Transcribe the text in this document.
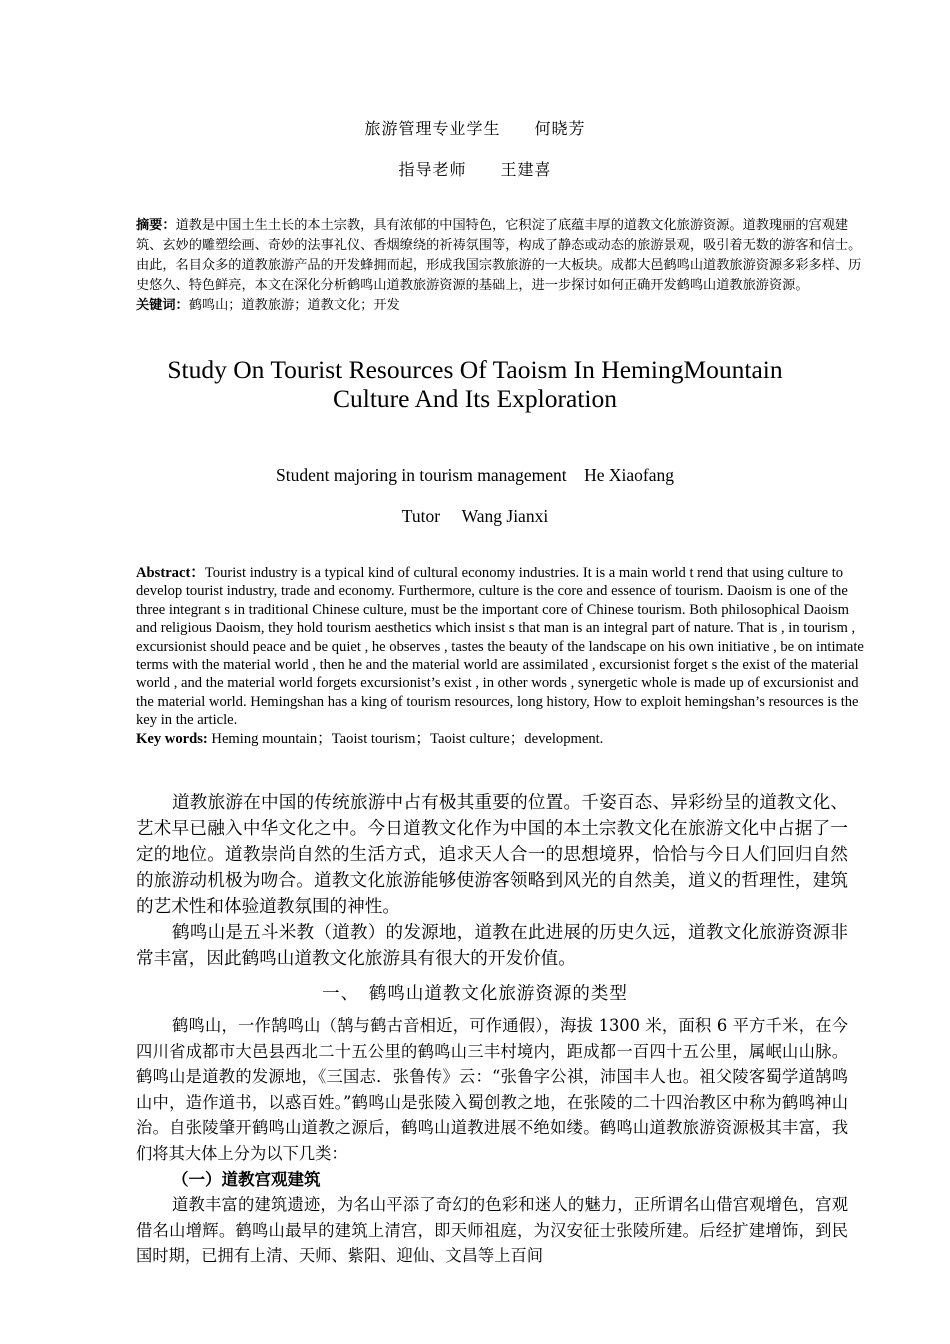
旅游管理专业学生　　何晓芳
指导老师　　王建喜
摘要：道教是中国土生土长的本土宗教，具有浓郁的中国特色，它积淀了底蕴丰厚的道教文化旅游资源。道教瑰丽的宫观建筑、玄妙的雕塑绘画、奇妙的法事礼仪、香烟缭绕的祈祷氛围等，构成了静态或动态的旅游景观，吸引着无数的游客和信士。由此，名目众多的道教旅游产品的开发蜂拥而起，形成我国宗教旅游的一大板块。成都大邑鹤鸣山道教旅游资源多彩多样、历史悠久、特色鲜亮，本文在深化分析鹤鸣山道教旅游资源的基础上，进一步探讨如何正确开发鹤鸣山道教旅游资源。
关键词：鹤鸣山；道教旅游；道教文化；开发
Study On Tourist Resources Of Taoism In HemingMountain
Culture And Its Exploration
Student majoring in tourism management　He Xiaofang
Tutor　 Wang Jianxi
Abstract：Tourist industry is a typical kind of cultural economy industries. It is a main world t rend that using culture to develop tourist industry, trade and economy. Furthermore, culture is the core and essence of tourism. Daoism is one of the three integrant s in traditional Chinese culture, must be the important core of Chinese tourism. Both philosophical Daoism and religious Daoism, they hold tourism aesthetics which insist s that man is an integral part of nature. That is , in tourism , excursionist should peace and be quiet , he observes , tastes the beauty of the landscape on his own initiative , be on intimate terms with the material world , then he and the material world are assimilated , excursionist forget s the exist of the material world , and the material world forgets excursionist’s exist , in other words , synergetic whole is made up of excursionist and the material world. Hemingshan has a king of tourism resources, long history, How to exploit hemingshan’s resources is the key in the article.
Key words: Heming mountain；Taoist tourism；Taoist culture；development.

道教旅游在中国的传统旅游中占有极其重要的位置。千姿百态、异彩纷呈的道教文化、艺术早已融入中华文化之中。今日道教文化作为中国的本土宗教文化在旅游文化中占据了一定的地位。道教崇尚自然的生活方式，追求天人合一的思想境界，恰恰与今日人们回归自然的旅游动机极为吻合。道教文化旅游能够使游客领略到风光的自然美，道义的哲理性，建筑的艺术性和体验道教氛围的神性。

鹤鸣山是五斗米教（道教）的发源地，道教在此进展的历史久远，道教文化旅游资源非常丰富，因此鹤鸣山道教文化旅游具有很大的开发价值。

一、　鹤鸣山道教文化旅游资源的类型

鹤鸣山，一作鹄鸣山（鹄与鹤古音相近，可作通假），海拔 1300 米，面积 6 平方千米，在今四川省成都市大邑县西北二十五公里的鹤鸣山三丰村境内，距成都一百四十五公里，属岷山山脉。鹤鸣山是道教的发源地，《三国志．张鲁传》云：“张鲁字公祺，沛国丰人也。祖父陵客蜀学道鹄鸣山中，造作道书，以惑百姓。”鹤鸣山是张陵入蜀创教之地，在张陵的二十四治教区中称为鹤鸣神山治。自张陵肇开鹤鸣山道教之源后，鹤鸣山道教进展不绝如缕。鹤鸣山道教旅游资源极其丰富，我们将其大体上分为以下几类：

（一）道教宫观建筑

道教丰富的建筑遗迹，为名山平添了奇幻的色彩和迷人的魅力，正所谓名山借宫观增色，宫观借名山增辉。鹤鸣山最早的建筑上清宫，即天师祖庭，为汉安征士张陵所建。后经扩建增饰，到民国时期，已拥有上清、天师、紫阳、迎仙、文昌等上百间
